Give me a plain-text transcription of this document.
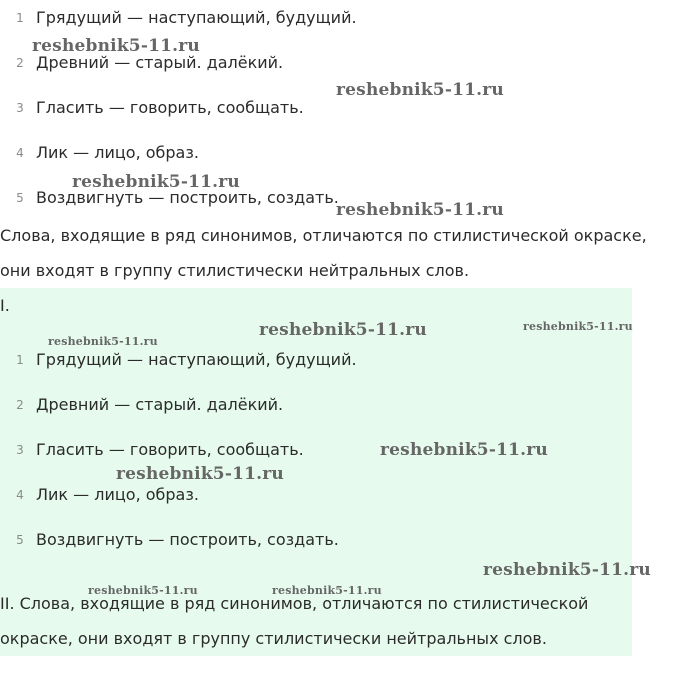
1 Грядущий — наступающий, будущий.
2 Древний — старый. далёкий.
3 Гласить — говорить, сообщать.
4 Лик — лицо, образ.
5 Воздвигнуть — построить, создать.
Слова, входящие в ряд синонимов, отличаются по стилистической окраске,
они входят в группу стилистически нейтральных слов.
I.
1 Грядущий — наступающий, будущий.
2 Древний — старый. далёкий.
3 Гласить — говорить, сообщать.
4 Лик — лицо, образ.
5 Воздвигнуть — построить, создать.
II. Слова, входящие в ряд синонимов, отличаются по стилистической
окраске, они входят в группу стилистически нейтральных слов.
reshebnik5-11.ru
reshebnik5-11.ru
reshebnik5-11.ru
reshebnik5-11.ru
reshebnik5-11.ru
reshebnik5-11.ru
reshebnik5-11.ru
reshebnik5-11.ru
reshebnik5-11.ru
reshebnik5-11.ru
reshebnik5-11.ru	reshebnik5-11.ru
